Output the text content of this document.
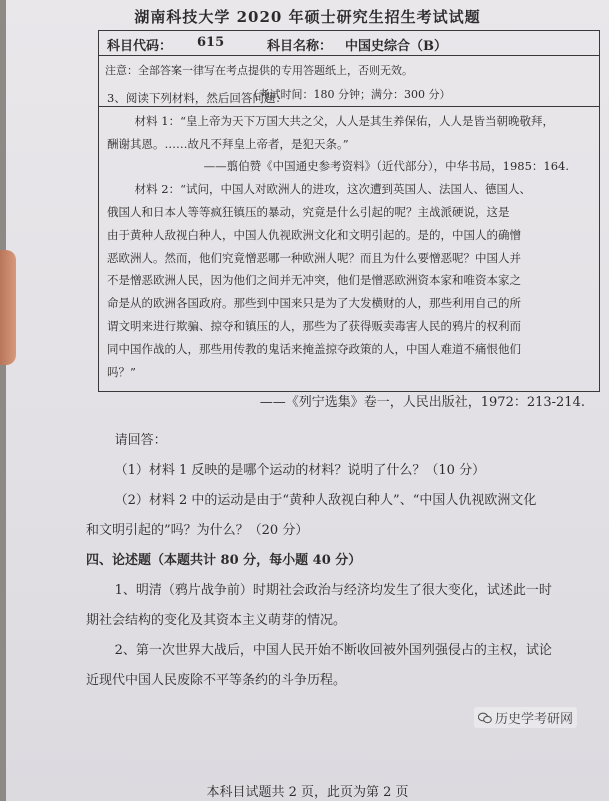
湖南科技大学 2020 年硕士研究生招生考试试题
科目代码： 615	科目名称： 中国史综合（B）
注意：全部答案一律写在考点提供的专用答题纸上，否则无效。
（考试时间：180 分钟；满分：300 分）

3、阅读下列材料，然后回答问题：

材料 1：“皇上帝为天下万国大共之父，人人是其生养保佑，人人是皆当朝晚敬拜，

酬谢其恩。……故凡不拜皇上帝者，是犯天条。”

——翦伯赞《中国通史参考资料》（近代部分），中华书局，1985：164.

材料 2：“试问，中国人对欧洲人的进攻，这次遭到英国人、法国人、德国人、

俄国人和日本人等等疯狂镇压的暴动，究竟是什么引起的呢？主战派硬说，这是

由于黄种人敌视白种人，中国人仇视欧洲文化和文明引起的。是的，中国人的确憎

恶欧洲人。然而，他们究竟憎恶哪一种欧洲人呢？而且为什么要憎恶呢？中国人并

不是憎恶欧洲人民，因为他们之间并无冲突，他们是憎恶欧洲资本家和唯资本家之

命是从的欧洲各国政府。那些到中国来只是为了大发横财的人，那些利用自己的所

谓文明来进行欺骗、掠夺和镇压的人，那些为了获得贩卖毒害人民的鸦片的权利而

同中国作战的人，那些用传教的鬼话来掩盖掠夺政策的人，中国人难道不痛恨他们

吗？”

——《列宁选集》卷一，人民出版社，1972：213-214.

请回答：

（1）材料 1 反映的是哪个运动的材料？说明了什么？（10 分）

（2）材料 2 中的运动是由于“黄种人敌视白种人”、“中国人仇视欧洲文化

和文明引起的”吗？为什么？（20 分）

四、论述题（本题共计 80 分，每小题 40 分）

1、明清（鸦片战争前）时期社会政治与经济均发生了很大变化，试述此一时

期社会结构的变化及其资本主义萌芽的情况。

2、第一次世界大战后，中国人民开始不断收回被外国列强侵占的主权，试论

近现代中国人民废除不平等条约的斗争历程。

本科目试题共 2 页，此页为第 2 页
历史学考研网
